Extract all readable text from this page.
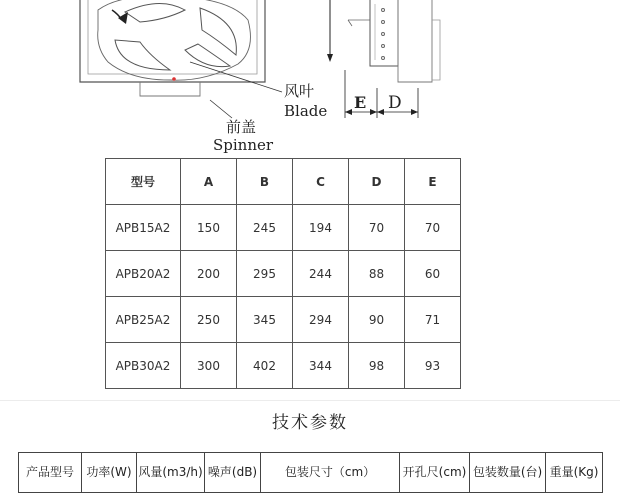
风叶
Blade
前盖
Spinner
E D
型号	A	B	C	D	E
APB15A2	150	245	194	70	70
APB20A2	200	295	244	88	60
APB25A2	250	345	294	90	71
APB30A2	300	402	344	98	93
技术参数
产品型号	功率(W)	风量(m3/h)	噪声(dB)	包装尺寸（cm）	开孔尺(cm)	包装数量(台)	重量(Kg)
